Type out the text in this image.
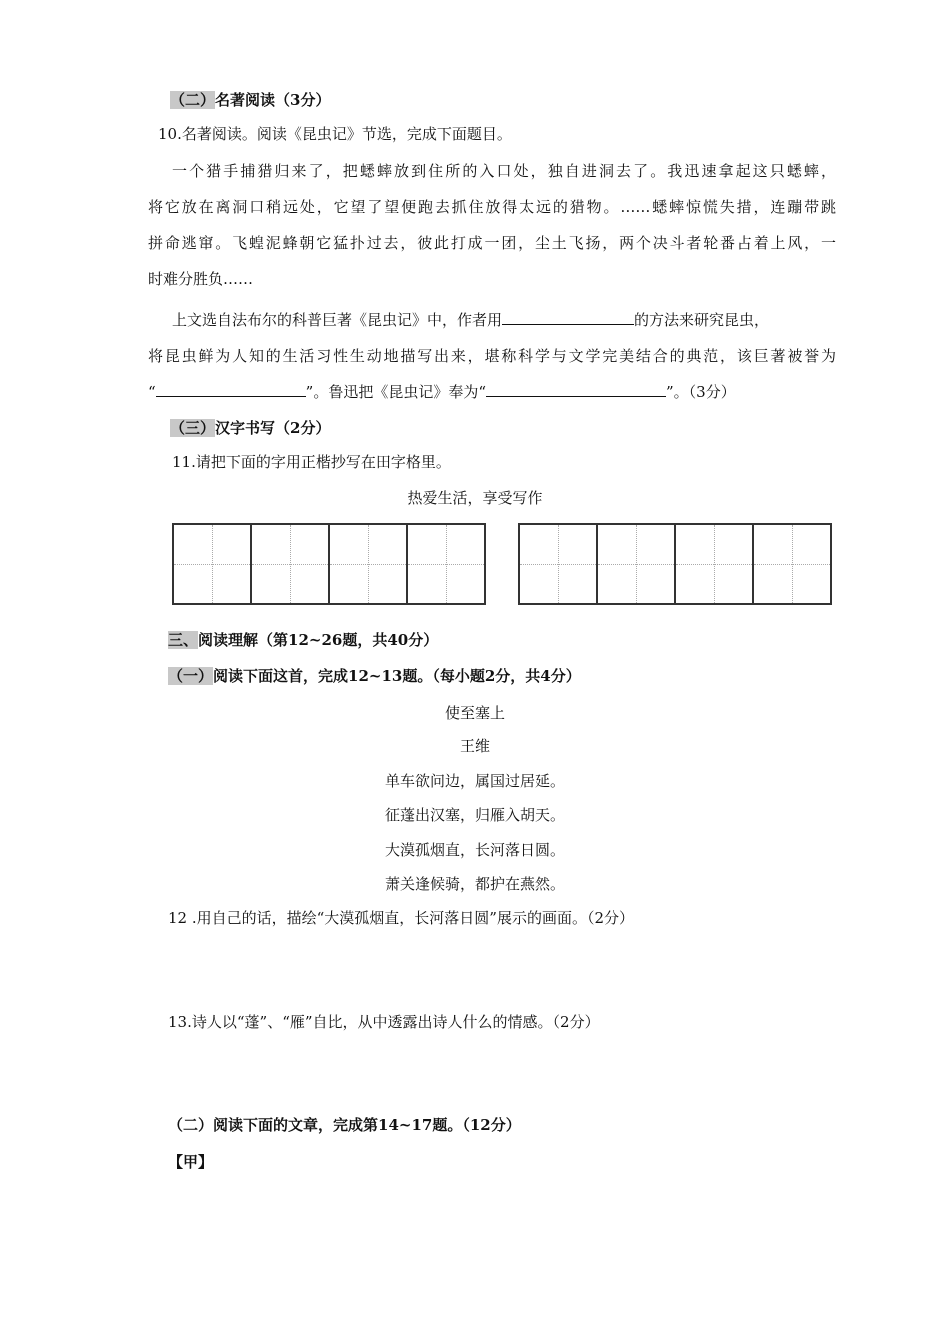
（二）名著阅读（3分）
10.名著阅读。阅读《昆虫记》节选，完成下面题目。
一个猎手捕猎归来了，把蟋蟀放到住所的入口处，独自进洞去了。我迅速拿起这只蟋蟀，
将它放在离洞口稍远处，它望了望便跑去抓住放得太远的猎物。……蟋蟀惊慌失措，连蹦带跳
拼命逃窜。飞蝗泥蜂朝它猛扑过去，彼此打成一团，尘土飞扬，两个决斗者轮番占着上风，一
时难分胜负……
上文选自法布尔的科普巨著《昆虫记》中，作者用	的方法来研究昆虫，
将昆虫鲜为人知的生活习性生动地描写出来，堪称科学与文学完美结合的典范，该巨著被誉为
“	”。鲁迅把《昆虫记》奉为“	”。（3分）
（三）汉字书写（2分）
11.请把下面的字用正楷抄写在田字格里。
热爱生活，享受写作
三、阅读理解（第12~26题，共40分）
（一）阅读下面这首，完成12~13题。（每小题2分，共4分）
使至塞上
王维
单车欲问边，属国过居延。
征蓬出汉塞，归雁入胡天。
大漠孤烟直，长河落日圆。
萧关逢候骑，都护在燕然。
12 .用自己的话，描绘“大漠孤烟直，长河落日圆”展示的画面。（2分）
13.诗人以“蓬”、“雁”自比，从中透露出诗人什么的情感。（2分）
（二）阅读下面的文章，完成第14~17题。（12分）
【甲】
